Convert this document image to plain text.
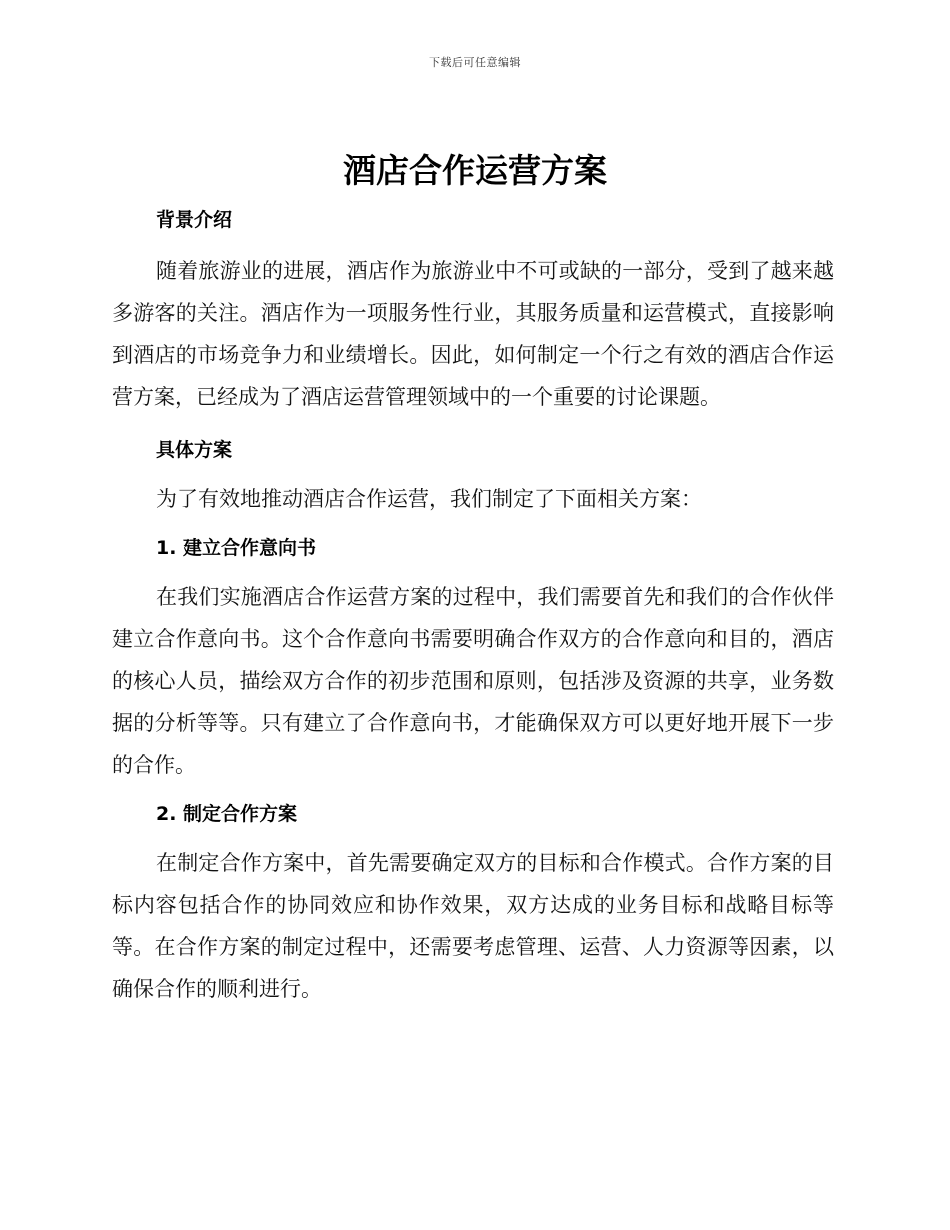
下载后可任意编辑
酒店合作运营方案

背景介绍

随着旅游业的进展，酒店作为旅游业中不可或缺的一部分，受到了越来越多游客的关注。酒店作为一项服务性行业，其服务质量和运营模式，直接影响到酒店的市场竞争力和业绩增长。因此，如何制定一个行之有效的酒店合作运营方案，已经成为了酒店运营管理领域中的一个重要的讨论课题。

具体方案

为了有效地推动酒店合作运营，我们制定了下面相关方案：

1. 建立合作意向书

在我们实施酒店合作运营方案的过程中，我们需要首先和我们的合作伙伴建立合作意向书。这个合作意向书需要明确合作双方的合作意向和目的，酒店的核心人员，描绘双方合作的初步范围和原则，包括涉及资源的共享，业务数据的分析等等。只有建立了合作意向书，才能确保双方可以更好地开展下一步的合作。

2. 制定合作方案

在制定合作方案中，首先需要确定双方的目标和合作模式。合作方案的目标内容包括合作的协同效应和协作效果，双方达成的业务目标和战略目标等等。在合作方案的制定过程中，还需要考虑管理、运营、人力资源等因素，以确保合作的顺利进行。
